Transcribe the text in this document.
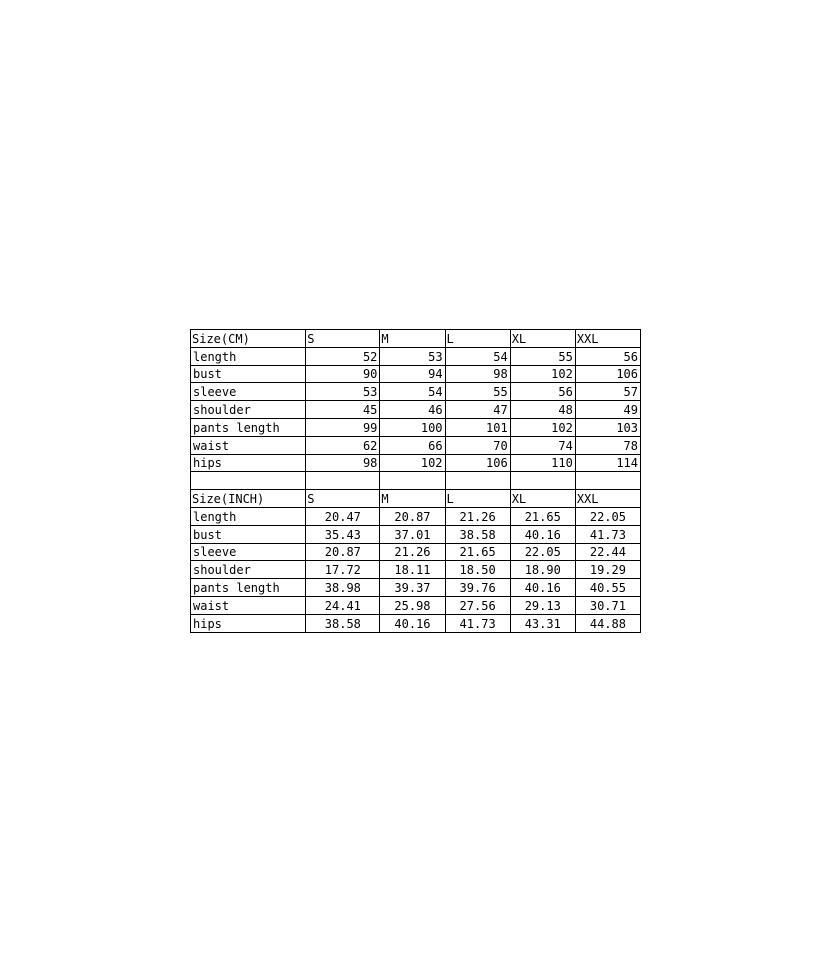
Size(CM)	S	M	L	XL	XXL
length	52	53	54	55	56
bust	90	94	98	102	106
sleeve	53	54	55	56	57
shoulder	45	46	47	48	49
pants length	99	100	101	102	103
waist	62	66	70	74	78
hips	98	102	106	110	114

Size(INCH)	S	M	L	XL	XXL
length	20.47	20.87	21.26	21.65	22.05
bust	35.43	37.01	38.58	40.16	41.73
sleeve	20.87	21.26	21.65	22.05	22.44
shoulder	17.72	18.11	18.50	18.90	19.29
pants length	38.98	39.37	39.76	40.16	40.55
waist	24.41	25.98	27.56	29.13	30.71
hips	38.58	40.16	41.73	43.31	44.88
